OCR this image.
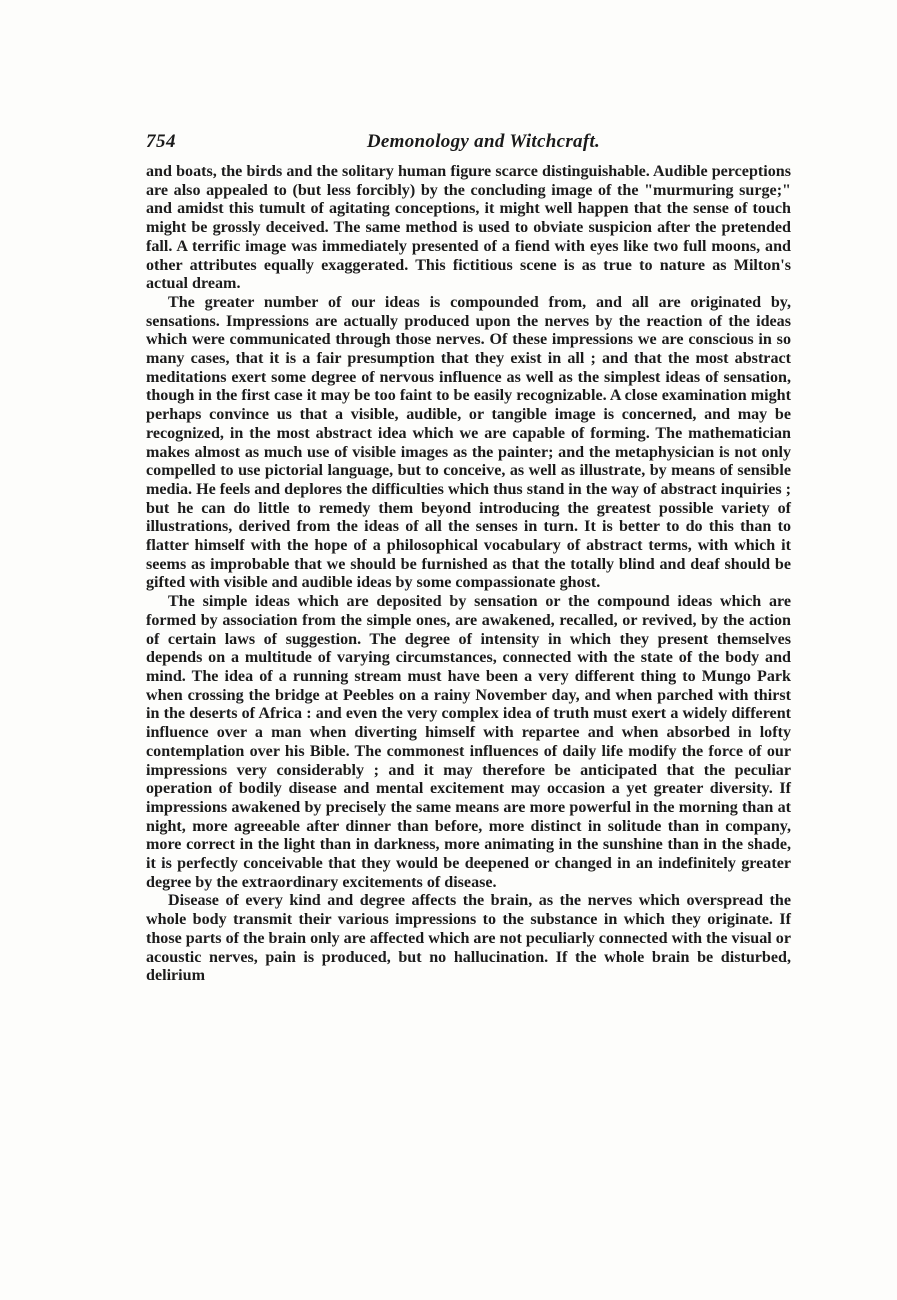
754	Demonology and Witchcraft.

and boats, the birds and the solitary human figure scarce distinguishable. Audible perceptions are also appealed to (but less forcibly) by the concluding image of the "murmuring surge;" and amidst this tumult of agitating conceptions, it might well happen that the sense of touch might be grossly deceived. The same method is used to obviate suspicion after the pretended fall. A terrific image was immediately presented of a fiend with eyes like two full moons, and other attributes equally exaggerated. This fictitious scene is as true to nature as Milton's actual dream.

The greater number of our ideas is compounded from, and all are originated by, sensations. Impressions are actually produced upon the nerves by the reaction of the ideas which were communicated through those nerves. Of these impressions we are conscious in so many cases, that it is a fair presumption that they exist in all ; and that the most abstract meditations exert some degree of nervous influence as well as the simplest ideas of sensation, though in the first case it may be too faint to be easily recognizable. A close examination might perhaps convince us that a visible, audible, or tangible image is concerned, and may be recognized, in the most abstract idea which we are capable of forming. The mathematician makes almost as much use of visible images as the painter; and the metaphysician is not only compelled to use pictorial language, but to conceive, as well as illustrate, by means of sensible media. He feels and deplores the difficulties which thus stand in the way of abstract inquiries ; but he can do little to remedy them beyond introducing the greatest possible variety of illustrations, derived from the ideas of all the senses in turn. It is better to do this than to flatter himself with the hope of a philosophical vocabulary of abstract terms, with which it seems as improbable that we should be furnished as that the totally blind and deaf should be gifted with visible and audible ideas by some compassionate ghost.

The simple ideas which are deposited by sensation or the compound ideas which are formed by association from the simple ones, are awakened, recalled, or revived, by the action of certain laws of suggestion. The degree of intensity in which they present themselves depends on a multitude of varying circumstances, connected with the state of the body and mind. The idea of a running stream must have been a very different thing to Mungo Park when crossing the bridge at Peebles on a rainy November day, and when parched with thirst in the deserts of Africa : and even the very complex idea of truth must exert a widely different influence over a man when diverting himself with repartee and when absorbed in lofty contemplation over his Bible. The commonest influences of daily life modify the force of our impressions very considerably ; and it may therefore be anticipated that the peculiar operation of bodily disease and mental excitement may occasion a yet greater diversity. If impressions awakened by precisely the same means are more powerful in the morning than at night, more agreeable after dinner than before, more distinct in solitude than in company, more correct in the light than in darkness, more animating in the sunshine than in the shade, it is perfectly conceivable that they would be deepened or changed in an indefinitely greater degree by the extraordinary excitements of disease.

Disease of every kind and degree affects the brain, as the nerves which overspread the whole body transmit their various impressions to the substance in which they originate. If those parts of the brain only are affected which are not peculiarly connected with the visual or acoustic nerves, pain is produced, but no hallucination. If the whole brain be disturbed, delirium
